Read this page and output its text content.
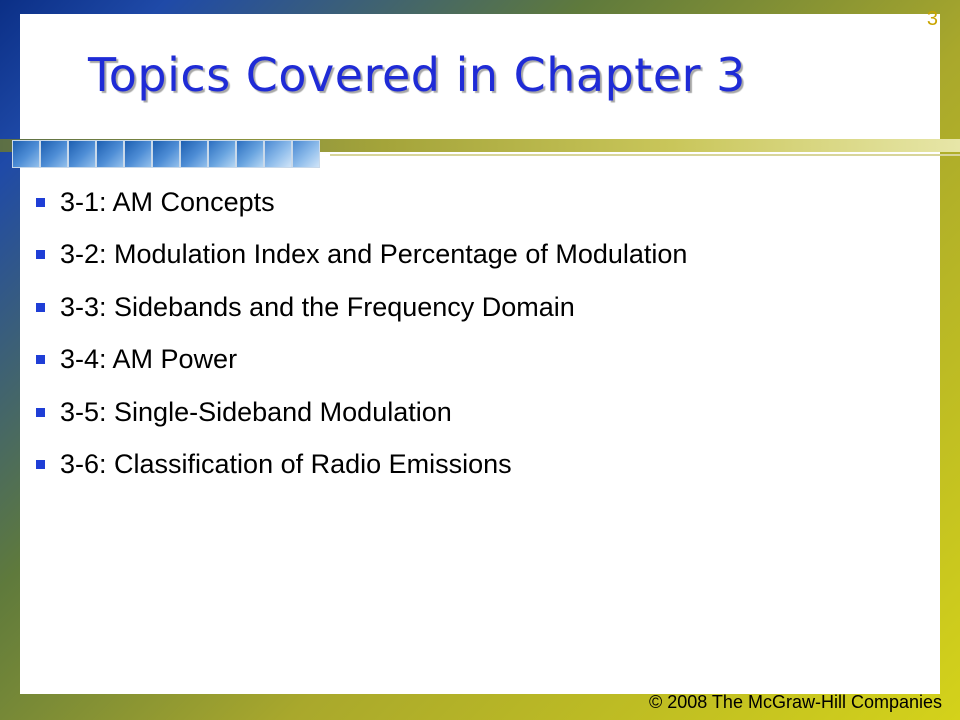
3
Topics Covered in Chapter 3
3-1: AM Concepts
3-2: Modulation Index and Percentage of Modulation
3-3: Sidebands and the Frequency Domain
3-4: AM Power
3-5: Single-Sideband Modulation
3-6: Classification of Radio Emissions
© 2008 The McGraw-Hill Companies
